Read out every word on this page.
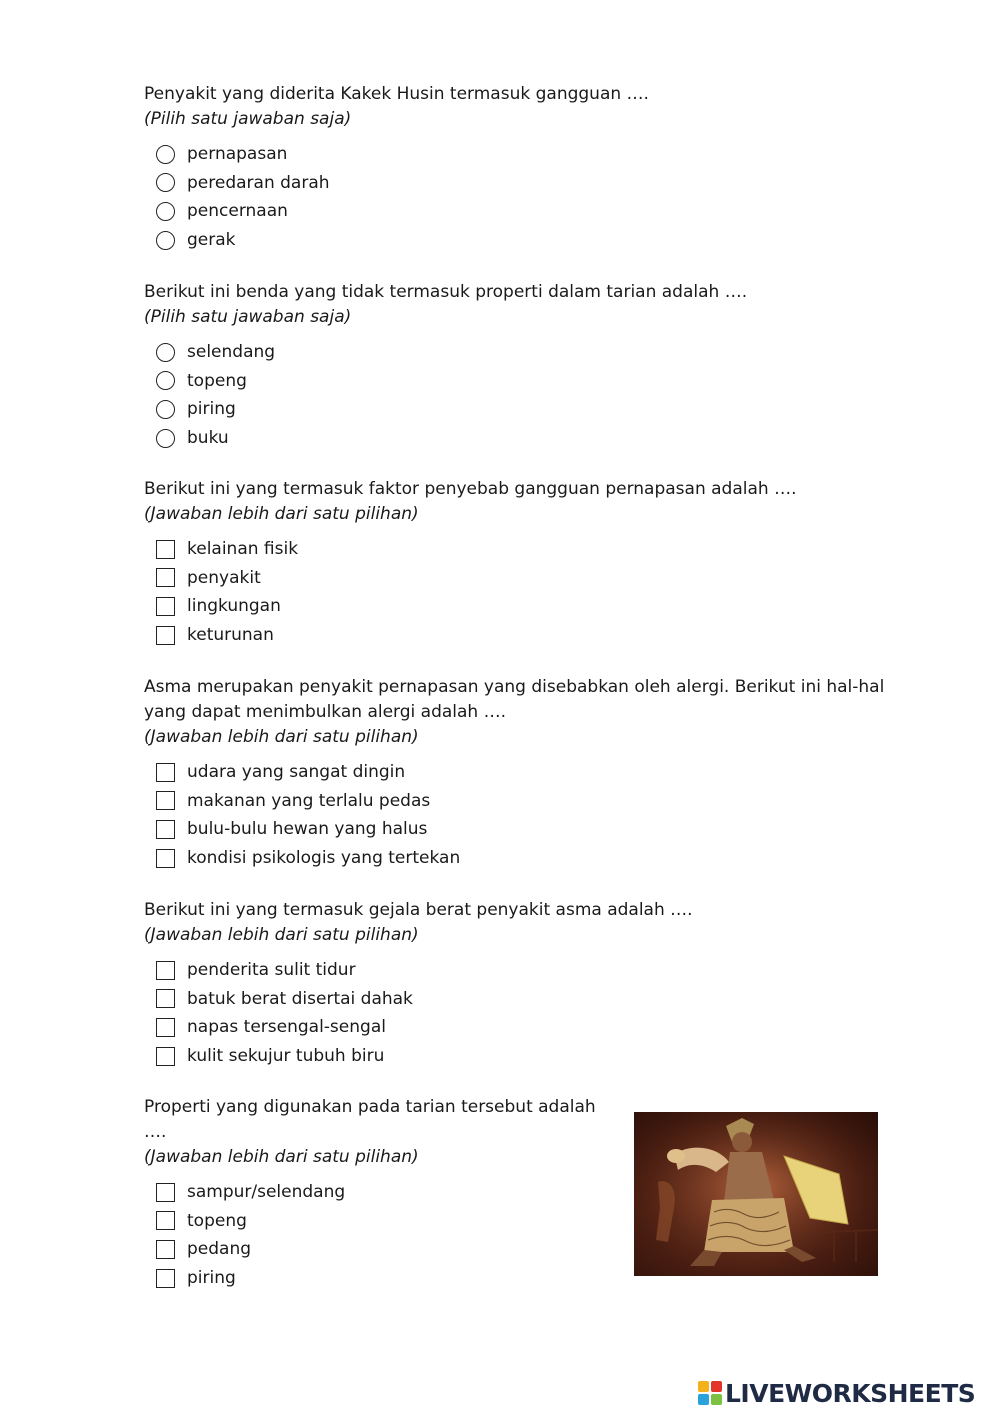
Penyakit yang diderita Kakek Husin termasuk gangguan ….

(Pilih satu jawaban saja)

pernapasan
peredaran darah
pencernaan
gerak

Berikut ini benda yang tidak termasuk properti dalam tarian adalah ….

(Pilih satu jawaban saja)

selendang
topeng
piring
buku

Berikut ini yang termasuk faktor penyebab gangguan pernapasan adalah ….

(Jawaban lebih dari satu pilihan)

kelainan fisik
penyakit
lingkungan
keturunan

Asma merupakan penyakit pernapasan yang disebabkan oleh alergi. Berikut ini hal-hal yang dapat menimbulkan alergi adalah ….

(Jawaban lebih dari satu pilihan)

udara yang sangat dingin
makanan yang terlalu pedas
bulu-bulu hewan yang halus
kondisi psikologis yang tertekan

Berikut ini yang termasuk gejala berat penyakit asma adalah ….

(Jawaban lebih dari satu pilihan)

penderita sulit tidur
batuk berat disertai dahak
napas tersengal-sengal
kulit sekujur tubuh biru

Properti yang digunakan pada tarian tersebut adalah ….

(Jawaban lebih dari satu pilihan)

sampur/selendang
topeng
pedang
piring
LIVEWORKSHEETS
